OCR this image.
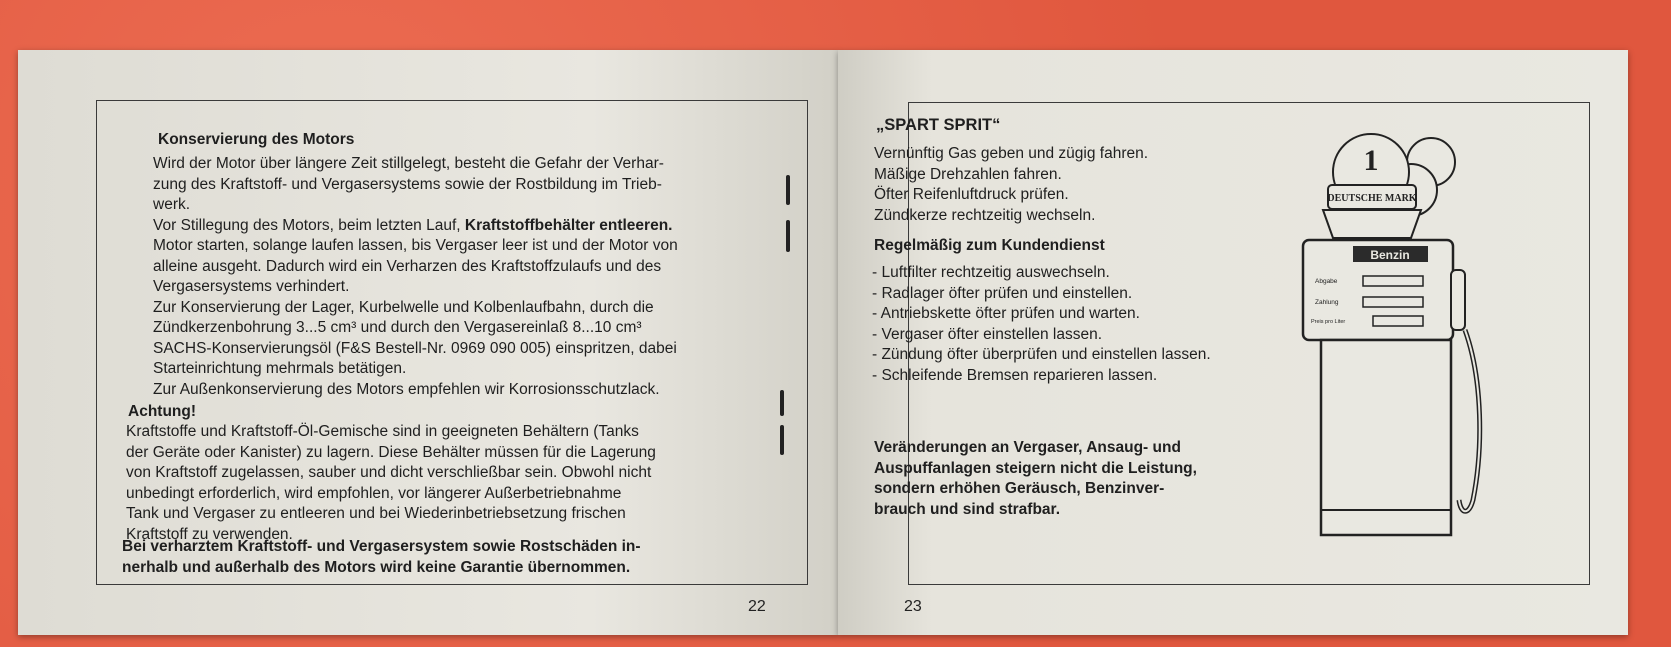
Konservierung des Motors
Wird der Motor über längere Zeit stillgelegt, besteht die Gefahr der Verhar-
zung des Kraftstoff- und Vergasersystems sowie der Rostbildung im Trieb-
werk.
Vor Stillegung des Motors, beim letzten Lauf, Kraftstoffbehälter entleeren.
Motor starten, solange laufen lassen, bis Vergaser leer ist und der Motor von
alleine ausgeht. Dadurch wird ein Verharzen des Kraftstoffzulaufs und des
Vergasersystems verhindert.
Zur Konservierung der Lager, Kurbelwelle und Kolbenlaufbahn, durch die
Zündkerzenbohrung 3...5 cm³ und durch den Vergasereinlaß 8...10 cm³
SACHS-Konservierungsöl (F&S Bestell-Nr. 0969 090 005) einspritzen, dabei
Starteinrichtung mehrmals betätigen.
Zur Außenkonservierung des Motors empfehlen wir Korrosionsschutzlack.
Achtung!
Kraftstoffe und Kraftstoff-Öl-Gemische sind in geeigneten Behältern (Tanks
der Geräte oder Kanister) zu lagern. Diese Behälter müssen für die Lagerung
von Kraftstoff zugelassen, sauber und dicht verschließbar sein. Obwohl nicht
unbedingt erforderlich, wird empfohlen, vor längerer Außerbetriebnahme
Tank und Vergaser zu entleeren und bei Wiederinbetriebsetzung frischen
Kraftstoff zu verwenden.
Bei verharztem Kraftstoff- und Vergasersystem sowie Rostschäden in-
nerhalb und außerhalb des Motors wird keine Garantie übernommen.
22
„SPART SPRIT“
Vernünftig Gas geben und zügig fahren.
Mäßige Drehzahlen fahren.
Öfter Reifenluftdruck prüfen.
Zündkerze rechtzeitig wechseln.
Regelmäßig zum Kundendienst
- Luftfilter rechtzeitig auswechseln.
- Radlager öfter prüfen und einstellen.
- Antriebskette öfter prüfen und warten.
- Vergaser öfter einstellen lassen.
- Zündung öfter überprüfen und einstellen lassen.
- Schleifende Bremsen reparieren lassen.
Veränderungen an Vergaser, Ansaug- und
Auspuffanlagen steigern nicht die Leistung,
sondern erhöhen Geräusch, Benzinver-
brauch und sind strafbar.
1
DEUTSCHE MARK
Benzin
Abgabe
Zahlung
Preis pro Liter
23
